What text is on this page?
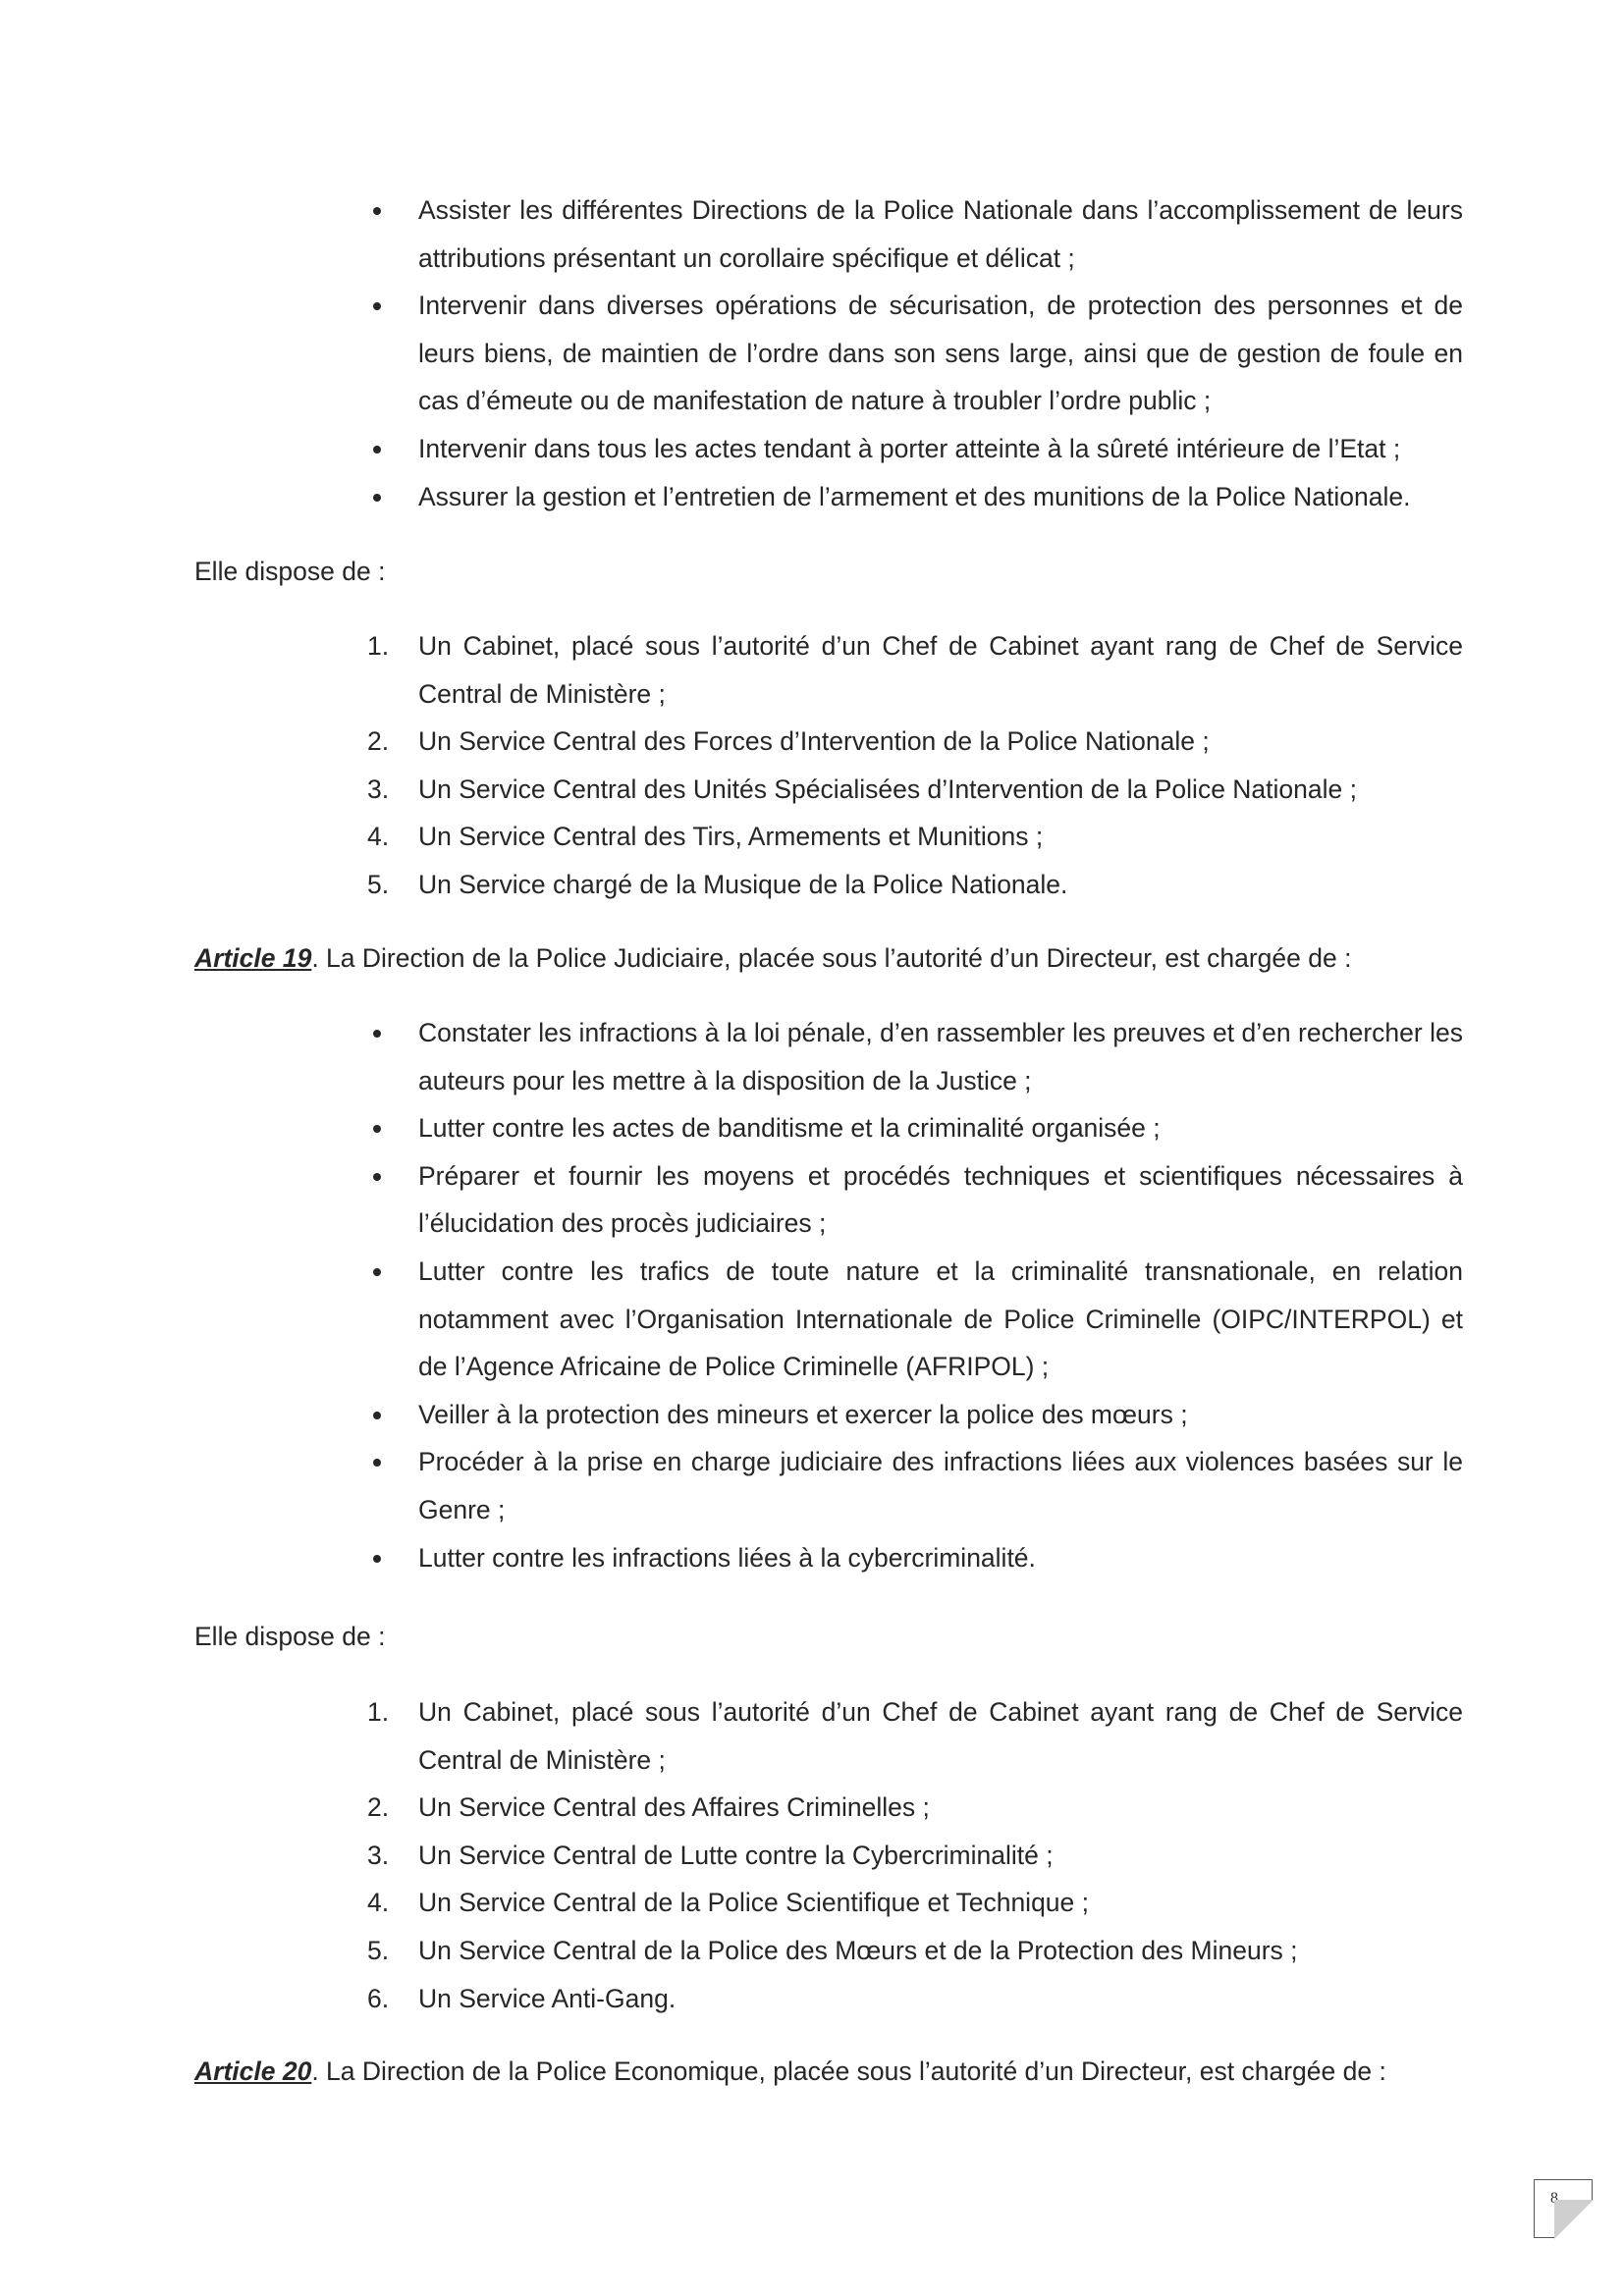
Assister les différentes Directions de la Police Nationale dans l’accomplissement de leurs attributions présentant un corollaire spécifique et délicat ;
Intervenir dans diverses opérations de sécurisation, de protection des personnes et de leurs biens, de maintien de l’ordre dans son sens large, ainsi que de gestion de foule en cas d’émeute ou de manifestation de nature à troubler l’ordre public ;
Intervenir dans tous les actes tendant à porter atteinte à la sûreté intérieure de l’Etat ;
Assurer la gestion et l’entretien de l’armement et des munitions de la Police Nationale.

Elle dispose de :

1. Un Cabinet, placé sous l’autorité d’un Chef de Cabinet ayant rang de Chef de Service Central de Ministère ;
2. Un Service Central des Forces d’Intervention de la Police Nationale ;
3. Un Service Central des Unités Spécialisées d’Intervention de la Police Nationale ;
4. Un Service Central des Tirs, Armements et Munitions ;
5. Un Service chargé de la Musique de la Police Nationale.

Article 19. La Direction de la Police Judiciaire, placée sous l’autorité d’un Directeur, est chargée de :

Constater les infractions à la loi pénale, d’en rassembler les preuves et d’en rechercher les auteurs pour les mettre à la disposition de la Justice ;
Lutter contre les actes de banditisme et la criminalité organisée ;
Préparer et fournir les moyens et procédés techniques et scientifiques nécessaires à l’élucidation des procès judiciaires ;
Lutter contre les trafics de toute nature et la criminalité transnationale, en relation notamment avec l’Organisation Internationale de Police Criminelle (OIPC/INTERPOL) et de l’Agence Africaine de Police Criminelle (AFRIPOL) ;
Veiller à la protection des mineurs et exercer la police des mœurs ;
Procéder à la prise en charge judiciaire des infractions liées aux violences basées sur le Genre ;
Lutter contre les infractions liées à la cybercriminalité.

Elle dispose de :

1. Un Cabinet, placé sous l’autorité d’un Chef de Cabinet ayant rang de Chef de Service Central de Ministère ;
2. Un Service Central des Affaires Criminelles ;
3. Un Service Central de Lutte contre la Cybercriminalité ;
4. Un Service Central de la Police Scientifique et Technique ;
5. Un Service Central de la Police des Mœurs et de la Protection des Mineurs ;
6. Un Service Anti-Gang.

Article 20. La Direction de la Police Economique, placée sous l’autorité d’un Directeur, est chargée de :

8
